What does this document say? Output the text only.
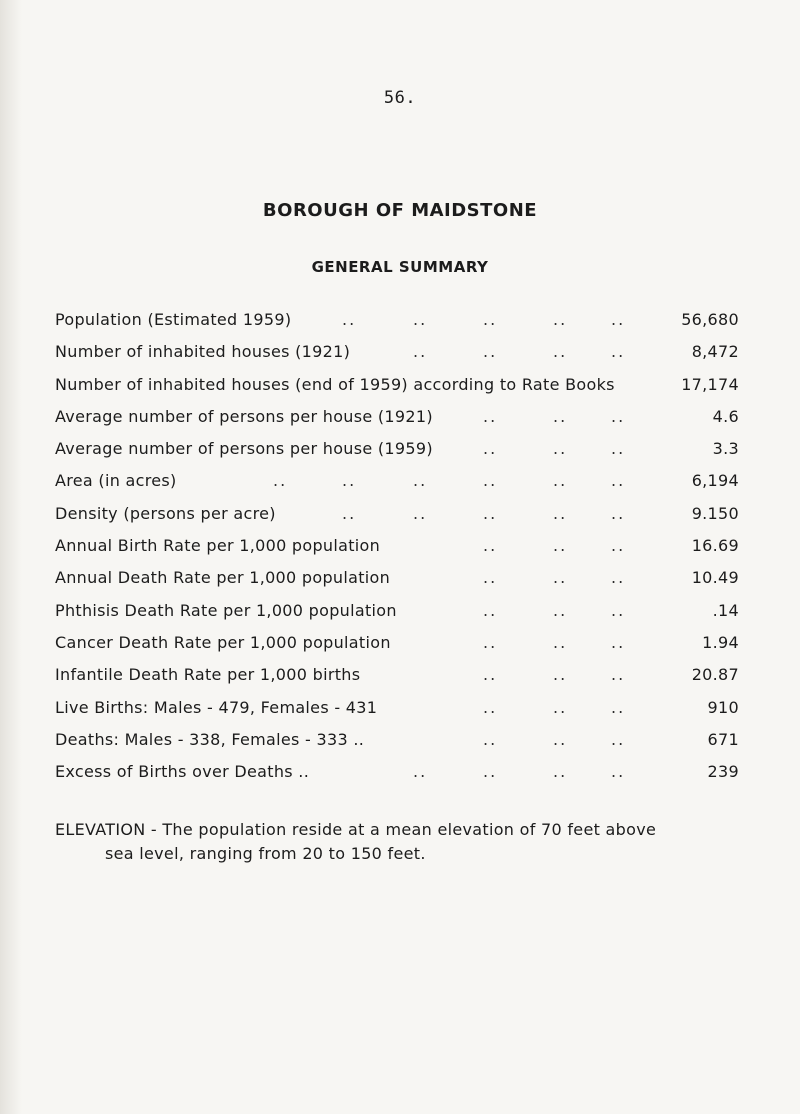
56.
BOROUGH OF MAIDSTONE
GENERAL SUMMARY
Population (Estimated 1959)	..	..	..	..	..	56,680
Number of inhabited houses (1921)	..	..	..	..	8,472
Number of inhabited houses (end of 1959) according to Rate Books	17,174
Average number of persons per house (1921)	..	..	..	4.6
Average number of persons per house (1959)	..	..	..	3.3
Area (in acres)	..	..	..	..	..	..	6,194
Density (persons per acre)	..	..	..	..	..	9.150
Annual Birth Rate per 1,000 population	..	..	..	16.69
Annual Death Rate per 1,000 population	..	..	..	10.49
Phthisis Death Rate per 1,000 population	..	..	..	.14
Cancer Death Rate per 1,000 population	..	..	..	1.94
Infantile Death Rate per 1,000 births	..	..	..	20.87
Live Births: Males - 479, Females - 431	..	..	..	910
Deaths: Males - 338, Females - 333 ..	..	..	..	671
Excess of Births over Deaths ..	..	..	..	..	239
ELEVATION - The population reside at a mean elevation of 70 feet above
sea level, ranging from 20 to 150 feet.
